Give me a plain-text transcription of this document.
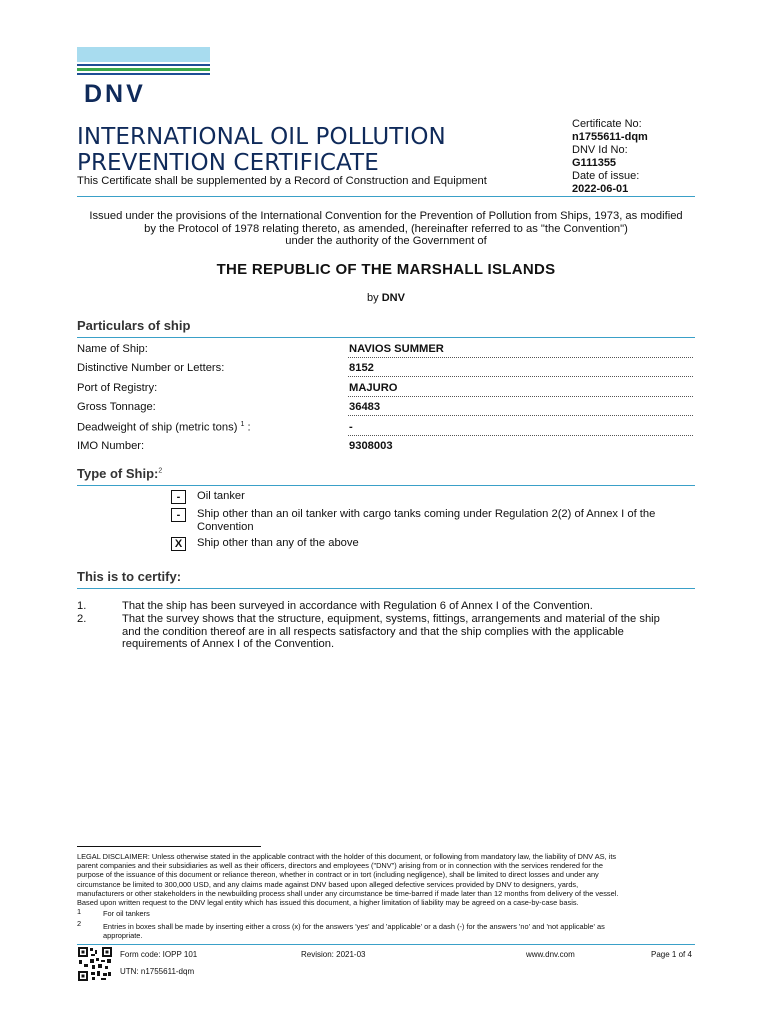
DNV
INTERNATIONAL OIL POLLUTION
PREVENTION CERTIFICATE
This Certificate shall be supplemented by a Record of Construction and Equipment
Certificate No:
n1755611-dqm
DNV Id No:
G111355
Date of issue:
2022-06-01
Issued under the provisions of the International Convention for the Prevention of Pollution from Ships, 1973, as modified
by the Protocol of 1978 relating thereto, as amended, (hereinafter referred to as "the Convention")
under the authority of the Government of
THE REPUBLIC OF THE MARSHALL ISLANDS
by DNV
Particulars of ship
Name of Ship:	NAVIOS SUMMER
Distinctive Number or Letters:	8152
Port of Registry:	MAJURO
Gross Tonnage:	36483
Deadweight of ship (metric tons) $^1$ :	-
IMO Number:	9308003
Type of Ship:$^2$
-	Oil tanker
-	Ship other than an oil tanker with cargo tanks coming under Regulation 2(2) of Annex I of the
Convention
X	Ship other than any of the above
This is to certify:
1.	That the ship has been surveyed in accordance with Regulation 6 of Annex I of the Convention.
2.	That the survey shows that the structure, equipment, systems, fittings, arrangements and material of the ship
and the condition thereof are in all respects satisfactory and that the ship complies with the applicable
requirements of Annex I of the Convention.
LEGAL DISCLAIMER: Unless otherwise stated in the applicable contract with the holder of this document, or following from mandatory law, the liability of DNV AS, its
parent companies and their subsidiaries as well as their officers, directors and employees ("DNV") arising from or in connection with the services rendered for the
purpose of the issuance of this document or reliance thereon, whether in contract or in tort (including negligence), shall be limited to direct losses and under any
circumstance be limited to 300,000 USD, and any claims made against DNV based upon alleged defective services provided by DNV to designers, yards,
manufacturers or other stakeholders in the newbuilding process shall under any circumstance be time-barred if made later than 12 months from delivery of the vessel.
Based upon written request to the DNV legal entity which has issued this document, a higher limitation of liability may be agreed on a case-by-case basis.
1	For oil tankers
2	Entries in boxes shall be made by inserting either a cross (x) for the answers 'yes' and 'applicable' or a dash (-) for the answers 'no' and 'not applicable' as
appropriate.
Form code: IOPP 101	Revision: 2021-03	www.dnv.com	Page 1 of 4
UTN: n1755611-dqm
